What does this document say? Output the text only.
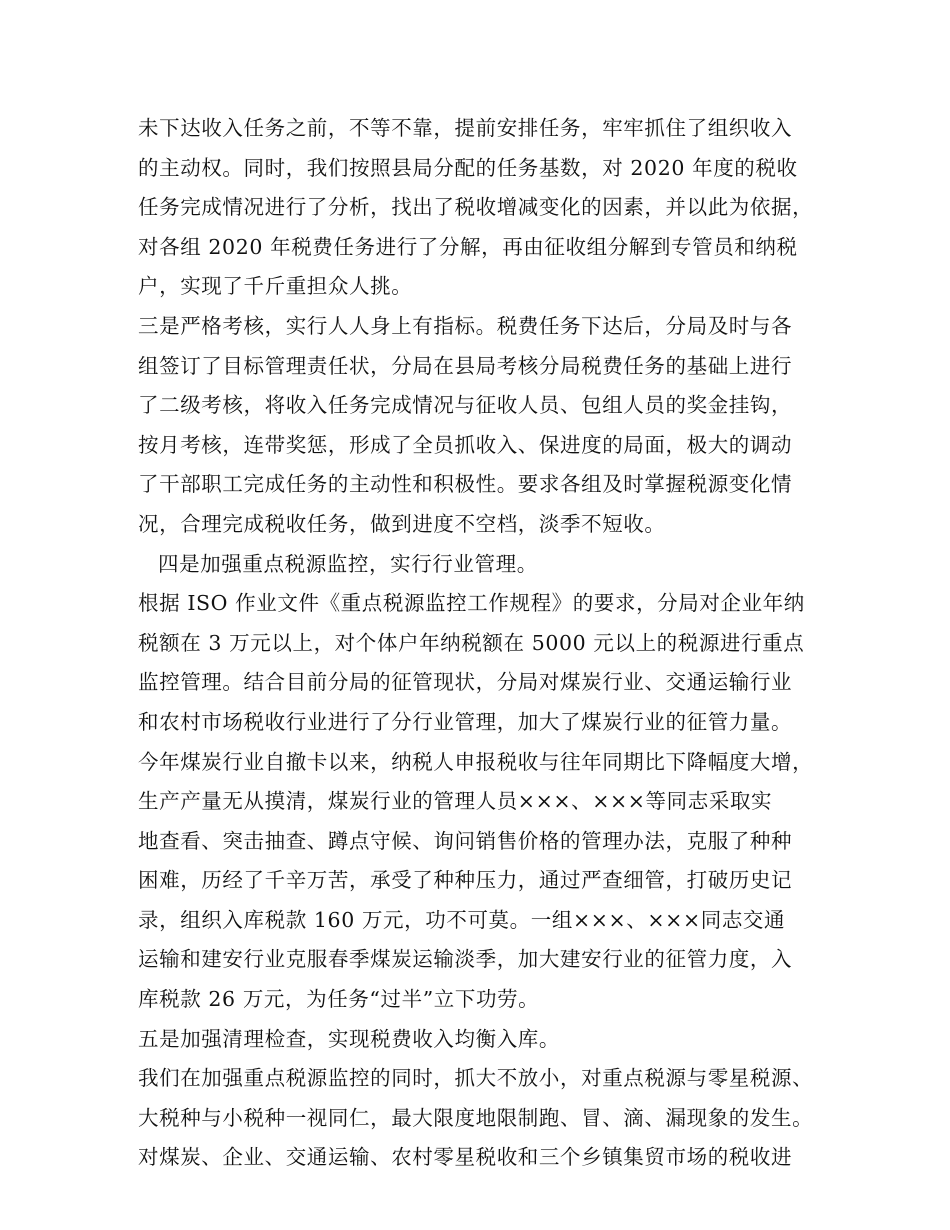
未下达收入任务之前，不等不靠，提前安排任务，牢牢抓住了组织收入
的主动权。同时，我们按照县局分配的任务基数，对 2020 年度的税收
任务完成情况进行了分析，找出了税收增减变化的因素，并以此为依据，
对各组 2020 年税费任务进行了分解，再由征收组分解到专管员和纳税
户，实现了千斤重担众人挑。
三是严格考核，实行人人身上有指标。税费任务下达后，分局及时与各
组签订了目标管理责任状，分局在县局考核分局税费任务的基础上进行
了二级考核，将收入任务完成情况与征收人员、包组人员的奖金挂钩，
按月考核，连带奖惩，形成了全员抓收入、保进度的局面，极大的调动
了干部职工完成任务的主动性和积极性。要求各组及时掌握税源变化情
况，合理完成税收任务，做到进度不空档，淡季不短收。
四是加强重点税源监控，实行行业管理。
根据 ISO 作业文件《重点税源监控工作规程》的要求，分局对企业年纳
税额在 3 万元以上，对个体户年纳税额在 5000 元以上的税源进行重点
监控管理。结合目前分局的征管现状，分局对煤炭行业、交通运输行业
和农村市场税收行业进行了分行业管理，加大了煤炭行业的征管力量。
今年煤炭行业自撤卡以来，纳税人申报税收与往年同期比下降幅度大增，
生产产量无从摸清，煤炭行业的管理人员×××、×××等同志采取实
地查看、突击抽查、蹲点守候、询问销售价格的管理办法，克服了种种
困难，历经了千辛万苦，承受了种种压力，通过严查细管，打破历史记
录，组织入库税款 160 万元，功不可莫。一组×××、×××同志交通
运输和建安行业克服春季煤炭运输淡季，加大建安行业的征管力度，入
库税款 26 万元，为任务“过半”立下功劳。
五是加强清理检查，实现税费收入均衡入库。
我们在加强重点税源监控的同时，抓大不放小，对重点税源与零星税源、
大税种与小税种一视同仁，最大限度地限制跑、冒、滴、漏现象的发生。
对煤炭、企业、交通运输、农村零星税收和三个乡镇集贸市场的税收进
